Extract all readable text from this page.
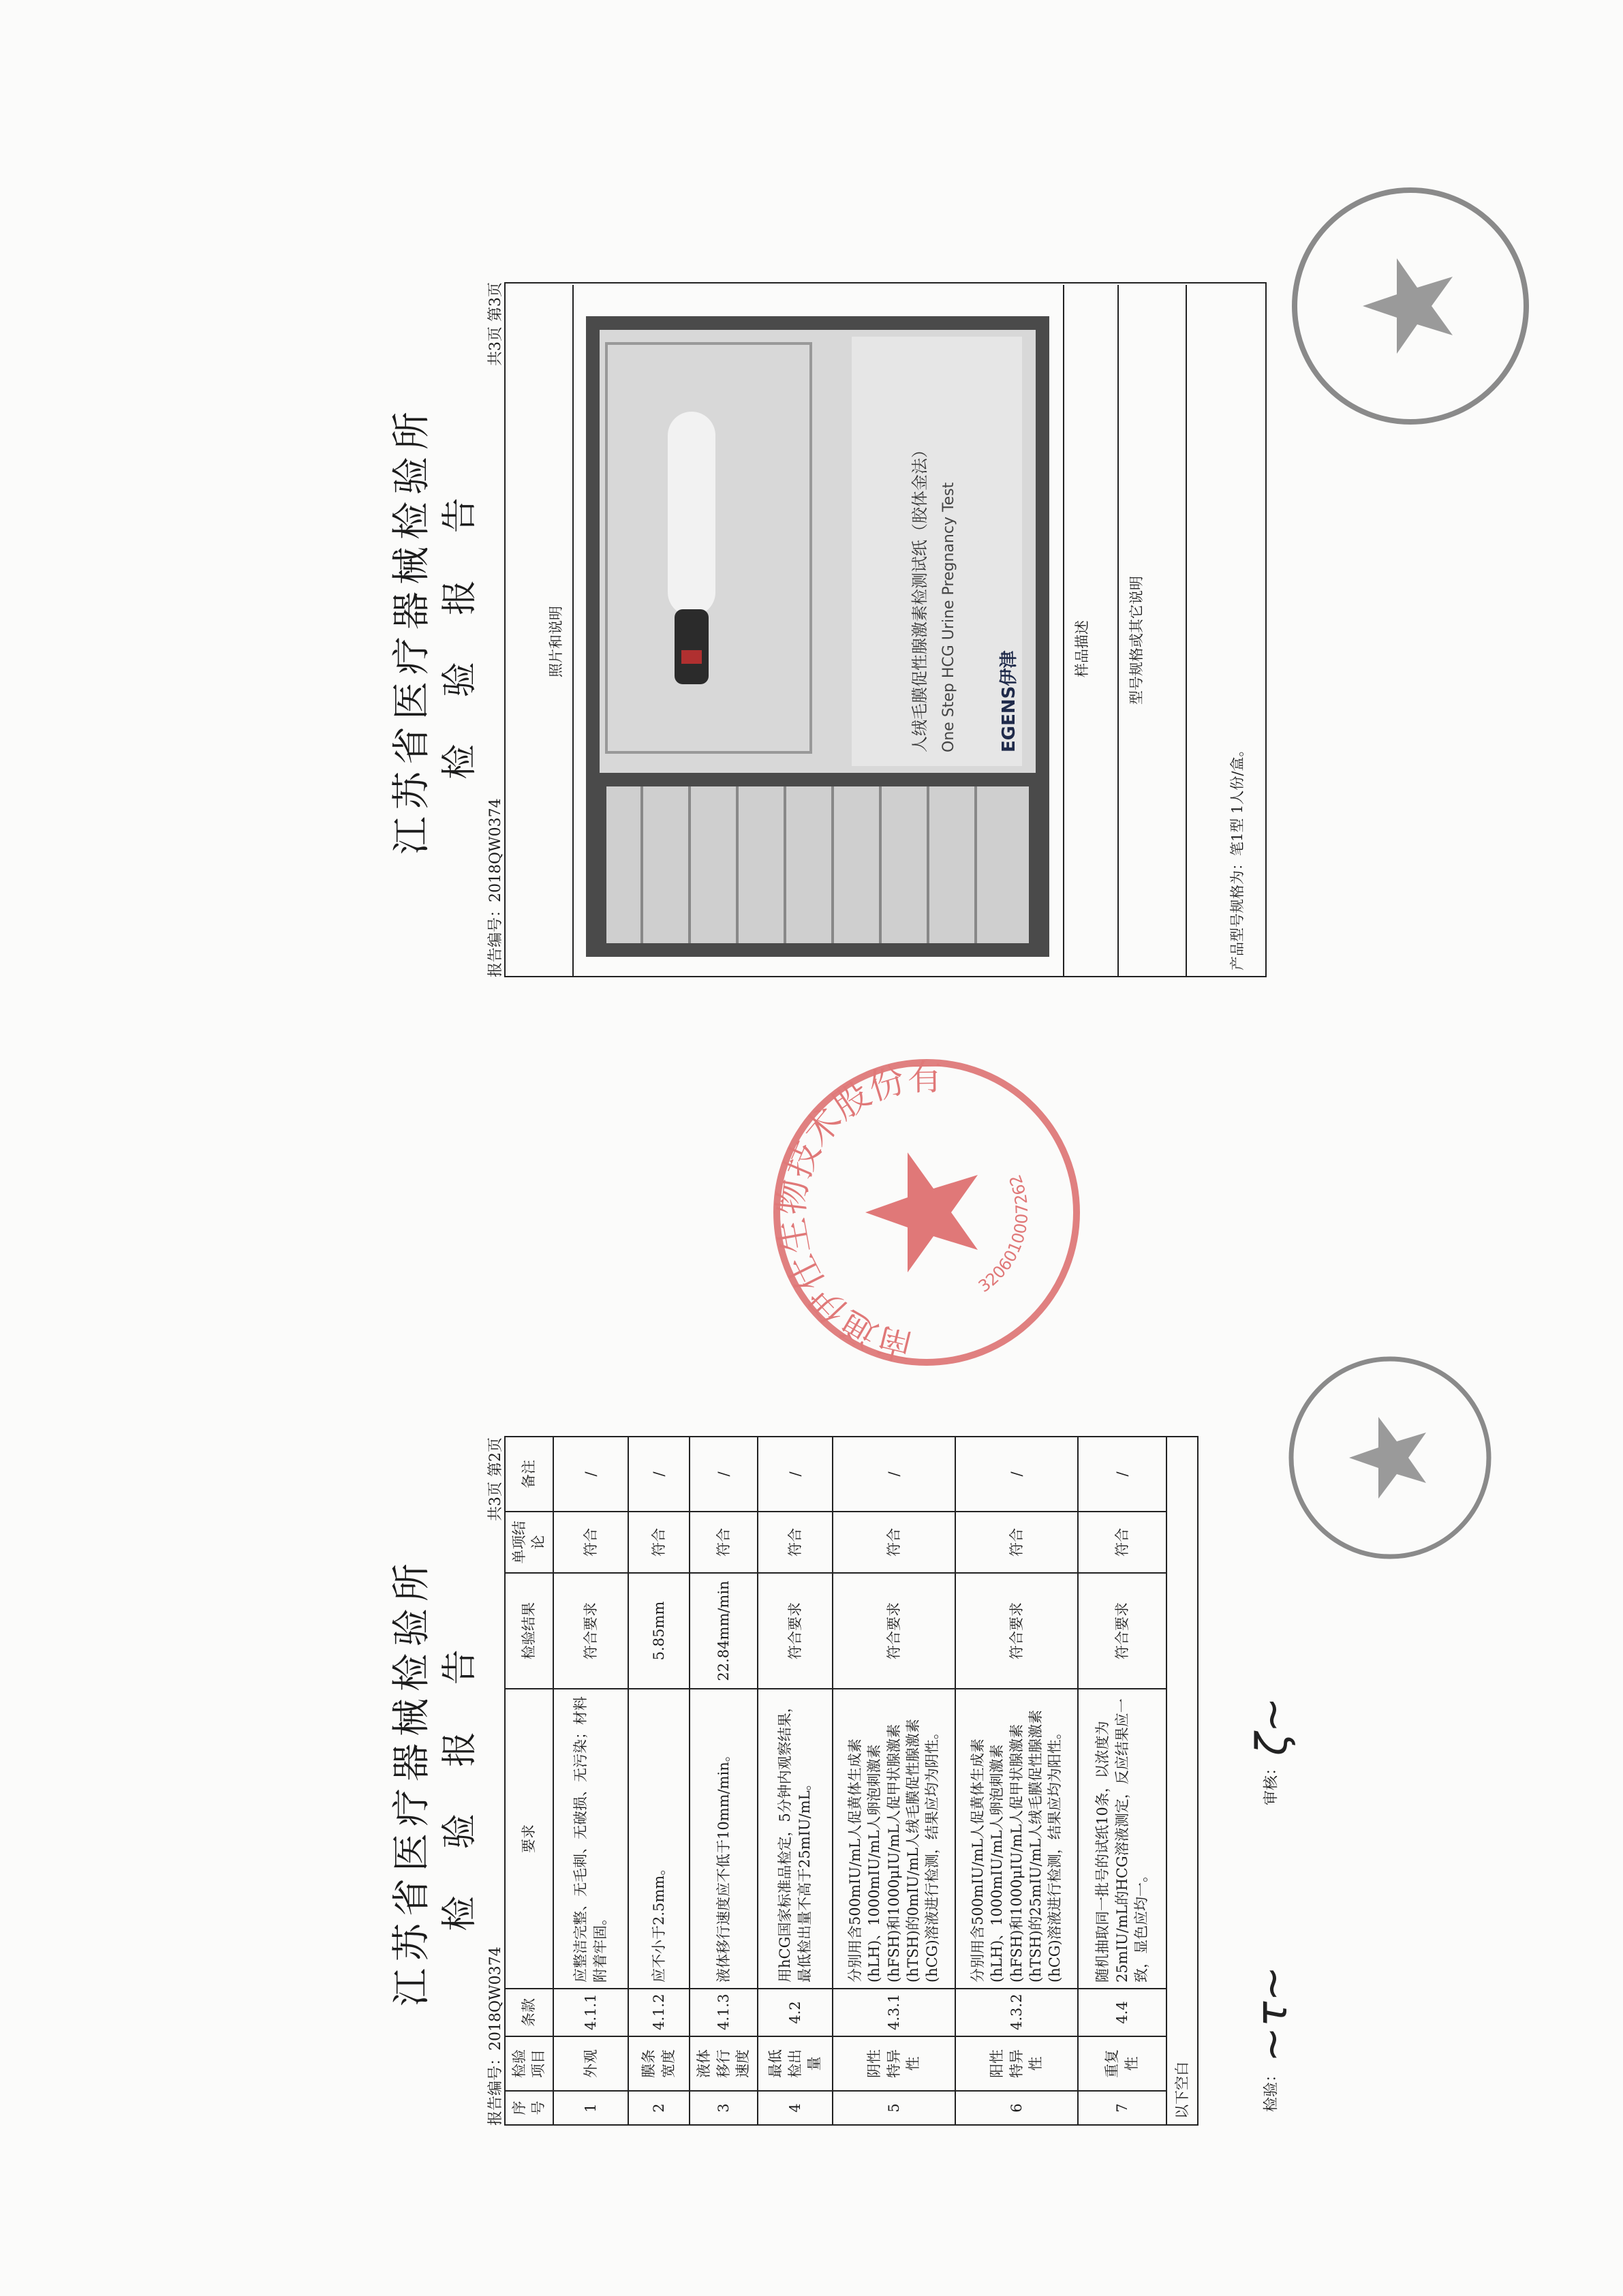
江苏省医疗器械检验所 检 验 报 告
报告编号：2018QW0374
共3页 第2页
序号	检验项目	条款	要求	检验结果	单项结论	备注
1	外观	4.1.1	应整洁完整、无毛刺、无破损、无污染；材料附着牢固。	符合要求	符合	/
2	膜条宽度	4.1.2	应不小于2.5mm。	5.85mm	符合	/
3	液体移行速度	4.1.3	液体移行速度应不低于10mm/min。	22.84mm/min	符合	/
4	最低检出量	4.2	用hCG国家标准品检定，5分钟内观察结果，最低检出量不高于25mIU/mL。	符合要求	符合	/
5	阴性特异性	4.3.1	分别用含500mIU/mL人促黄体生成素(hLH)、1000mIU/mL人卵泡刺激素(hFSH)和1000μIU/mL人促甲状腺激素(hTSH)的0mIU/mL人绒毛膜促性腺激素(hCG)溶液进行检测，结果应均为阴性。	符合要求	符合	/
6	阳性特异性	4.3.2	分别用含500mIU/mL人促黄体生成素(hLH)、1000mIU/mL人卵泡刺激素(hFSH)和1000μIU/mL人促甲状腺激素(hTSH)的25mIU/mL人绒毛膜促性腺激素(hCG)溶液进行检测，结果应均为阳性。	符合要求	符合	/
7	重复性	4.4	随机抽取同一批号的试纸10条，以浓度为25mIU/mL的HCG溶液测定，反应结果应一致，显色应均一。	符合要求	符合	/
以下空白							检验： ~τ~
审核： ζ~
江苏省医疗器械检验所 检 验 报 告
报告编号：2018QW0374
共3页 第3页
照片和说明	样品描述	型号规格或其它说明
产品型号规格为：笔1型 1人份/盒。
EGENS伊津
人绒毛膜促性腺激素检测试纸（胶体金法） One Step HCG Urine Pregnancy Test
南通伊仕生物技术股份有
3206010007262
